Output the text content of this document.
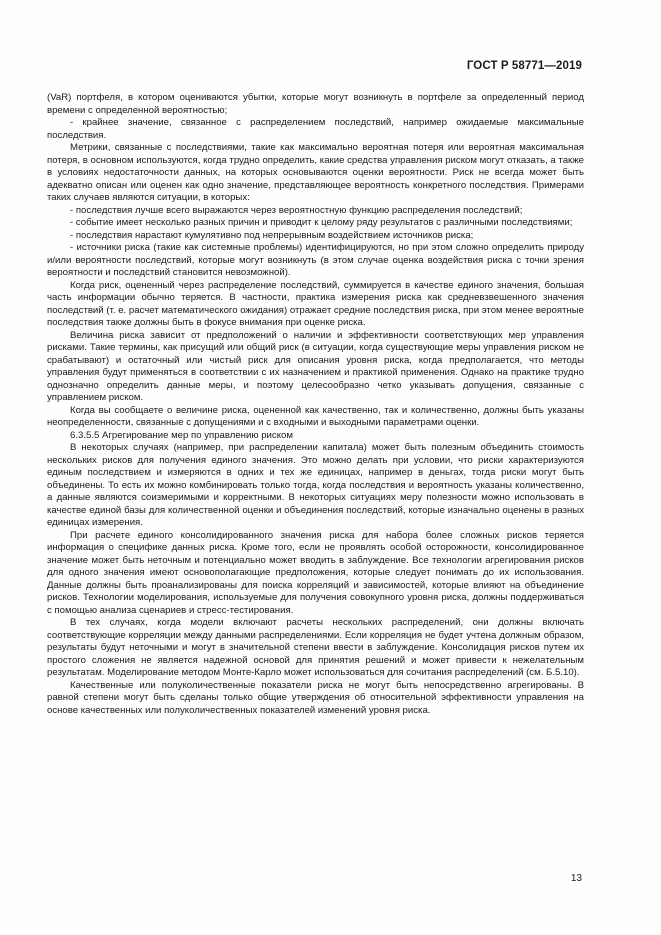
ГОСТ Р 58771—2019

(VaR) портфеля, в котором оцениваются убытки, которые могут возникнуть в портфеле за определенный период времени с определенной вероятностью;

- крайнее значение, связанное с распределением последствий, например ожидаемые максимальные последствия.

Метрики, связанные с последствиями, такие как максимально вероятная потеря или вероятная максимальная потеря, в основном используются, когда трудно определить, какие средства управления риском могут отказать, а также в условиях недостаточности данных, на которых основываются оценки вероятности. Риск не всегда может быть адекватно описан или оценен как одно значение, представляющее вероятность конкретного последствия. Примерами таких случаев являются ситуации, в которых:

- последствия лучше всего выражаются через вероятностную функцию распределения последствий;

- событие имеет несколько разных причин и приводит к целому ряду результатов с различными последствиями;

- последствия нарастают кумулятивно под непрерывным воздействием источников риска;

- источники риска (такие как системные проблемы) идентифицируются, но при этом сложно определить природу и/или вероятности последствий, которые могут возникнуть (в этом случае оценка воздействия риска с точки зрения вероятности и последствий становится невозможной).

Когда риск, оцененный через распределение последствий, суммируется в качестве единого значения, большая часть информации обычно теряется. В частности, практика измерения риска как средневзвешенного значения последствий (т. е. расчет математического ожидания) отражает средние последствия риска, при этом менее вероятные последствия также должны быть в фокусе внимания при оценке риска.

Величина риска зависит от предположений о наличии и эффективности соответствующих мер управления рисками. Такие термины, как присущий или общий риск (в ситуации, когда существующие меры управления риском не срабатывают) и остаточный или чистый риск для описания уровня риска, когда предполагается, что методы управления будут применяться в соответствии с их назначением и практикой применения. Однако на практике трудно однозначно определить данные меры, и поэтому целесообразно четко указывать допущения, связанные с управлением риском.

Когда вы сообщаете о величине риска, оцененной как качественно, так и количественно, должны быть указаны неопределенности, связанные с допущениями и с входными и выходными параметрами оценки.

6.3.5.5 Агрегирование мер по управлению риском

В некоторых случаях (например, при распределении капитала) может быть полезным объединить стоимость нескольких рисков для получения единого значения. Это можно делать при условии, что риски характеризуются единым последствием и измеряются в одних и тех же единицах, например в деньгах, тогда риски могут быть объединены. То есть их можно комбинировать только тогда, когда последствия и вероятность указаны количественно, а данные являются соизмеримыми и корректными. В некоторых ситуациях меру полезности можно использовать в качестве единой базы для количественной оценки и объединения последствий, которые изначально оценены в разных единицах измерения.

При расчете единого консолидированного значения риска для набора более сложных рисков теряется информация о специфике данных риска. Кроме того, если не проявлять особой осторожности, консолидированное значение может быть неточным и потенциально может вводить в заблуждение. Все технологии агрегирования рисков для одного значения имеют основополагающие предположения, которые следует понимать до их использования. Данные должны быть проанализированы для поиска корреляций и зависимостей, которые влияют на объединение рисков. Технологии моделирования, используемые для получения совокупного уровня риска, должны поддерживаться с помощью анализа сценариев и стресс-тестирования.

В тех случаях, когда модели включают расчеты нескольких распределений, они должны включать соответствующие корреляции между данными распределениями. Если корреляция не будет учтена должным образом, результаты будут неточными и могут в значительной степени ввести в заблуждение. Консолидация рисков путем их простого сложения не является надежной основой для принятия решений и может привести к нежелательным результатам. Моделирование методом Монте-Карло может использоваться для сочитания распределений (см. Б.5.10).

Качественные или полуколичественные показатели риска не могут быть непосредственно агрегированы. В равной степени могут быть сделаны только общие утверждения об относительной эффективности управления на основе качественных или полуколичественных показателей изменений уровня риска.

13
